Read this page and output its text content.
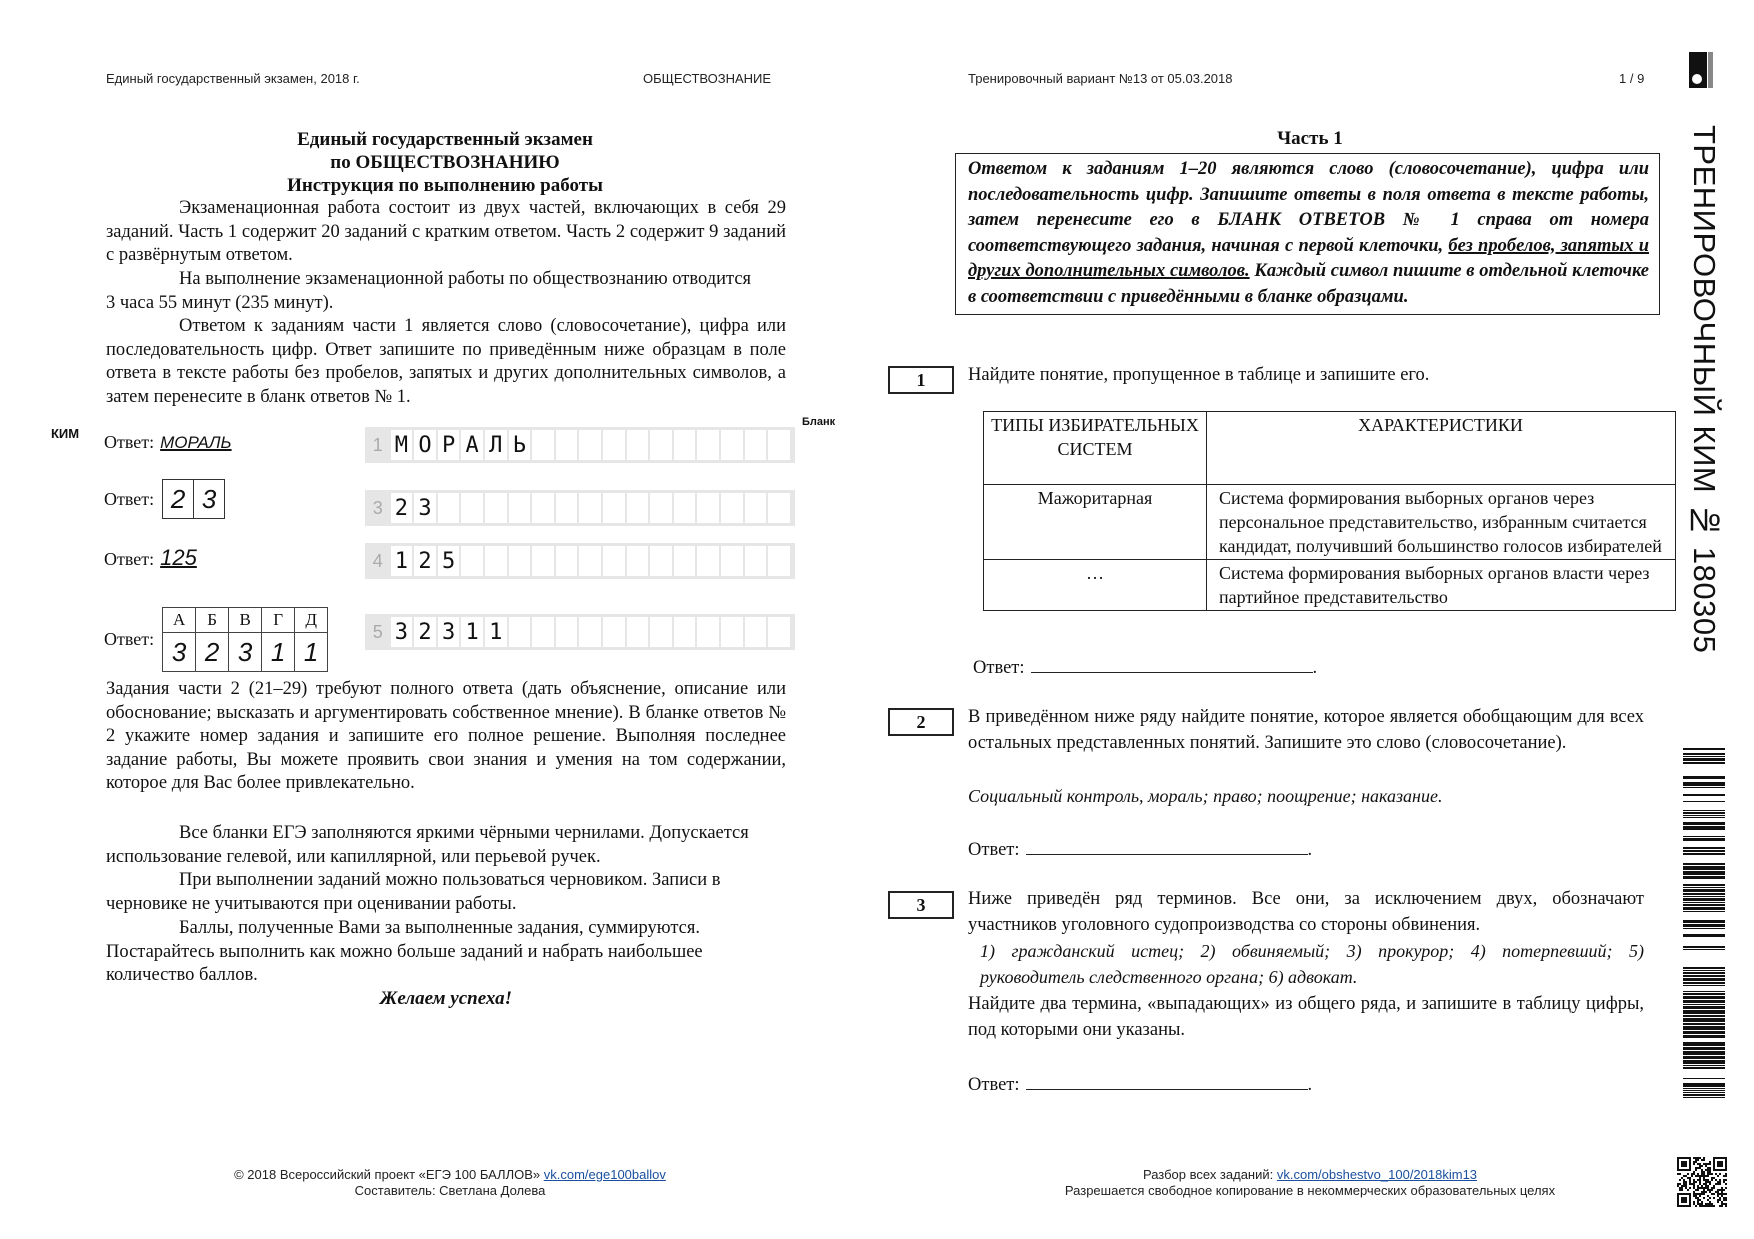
Единый государственный экзамен, 2018 г.	ОБЩЕСТВОЗНАНИЕ	Тренировочный вариант №13 от 05.03.2018	1 / 9
Единый государственный экзамен
по ОБЩЕСТВОЗНАНИЮ
Инструкция по выполнению работы
Экзаменационная работа состоит из двух частей, включающих в себя 29 заданий. Часть 1 содержит 20 заданий с кратким ответом. Часть 2 содержит 9 заданий с развёрнутым ответом.
На выполнение экзаменационной работы по обществознанию отводится 3 часа 55 минут (235 минут).
Ответом к заданиям части 1 является слово (словосочетание), цифра или последовательность цифр. Ответ запишите по приведённым ниже образцам в поле ответа в тексте работы без пробелов, запятых и других дополнительных символов, а затем перенесите в бланк ответов № 1.
КИМ
Бланк
Ответ: МОРАЛЬ
Ответ: 2 3
Ответ: 125
Ответ:
А	Б	В	Г	Д
3	2	3	1	1
1 М О Р А Л Ь
3 2 3
4 1 2 5
5 3 2 3 1 1
Задания части 2 (21–29) требуют полного ответа (дать объяснение, описание или обоснование; высказать и аргументировать собственное мнение). В бланке ответов № 2 укажите номер задания и запишите его полное решение. Выполняя последнее задание работы, Вы можете проявить свои знания и умения на том содержании, которое для Вас более привлекательно.
Все бланки ЕГЭ заполняются яркими чёрными чернилами. Допускается использование гелевой, или капиллярной, или перьевой ручек.
При выполнении заданий можно пользоваться черновиком. Записи в черновике не учитываются при оценивании работы.
Баллы, полученные Вами за выполненные задания, суммируются. Постарайтесь выполнить как можно больше заданий и набрать наибольшее количество баллов.
Желаем успеха!
Часть 1
Ответом к заданиям 1–20 являются слово (словосочетание), цифра или последовательность цифр. Запишите ответы в поля ответа в тексте работы, затем перенесите его в БЛАНК ОТВЕТОВ № 1 справа от номера соответствующего задания, начиная с первой клеточки, без пробелов, запятых и других дополнительных символов. Каждый символ пишите в отдельной клеточке в соответствии с приведёнными в бланке образцами.
1	Найдите понятие, пропущенное в таблице и запишите его.
ТИПЫ ИЗБИРАТЕЛЬНЫХ СИСТЕМ	ХАРАКТЕРИСТИКИ
Мажоритарная	Система формирования выборных органов через персональное представительство, избранным считается кандидат, получивший большинство голосов избирателей
…	Система формирования выборных органов власти через партийное представительство
Ответ:	.
2	В приведённом ниже ряду найдите понятие, которое является обобщающим для всех остальных представленных понятий. Запишите это слово (словосочетание).
Социальный контроль, мораль; право; поощрение; наказание.
Ответ:	.
3	Ниже приведён ряд терминов. Все они, за исключением двух, обозначают участников уголовного судопроизводства со стороны обвинения.
1) гражданский истец; 2) обвиняемый; 3) прокурор; 4) потерпевший; 5) руководитель следственного органа; 6) адвокат.
Найдите два термина, «выпадающих» из общего ряда, и запишите в таблицу цифры, под которыми они указаны.
Ответ:	.
ТРЕНИРОВОЧНЫЙ КИМ № 180305
© 2018 Всероссийский проект «ЕГЭ 100 БАЛЛОВ» vk.com/ege100ballov
Составитель: Светлана Долева
Разбор всех заданий: vk.com/obshestvo_100/2018kim13
Разрешается свободное копирование в некоммерческих образовательных целях
